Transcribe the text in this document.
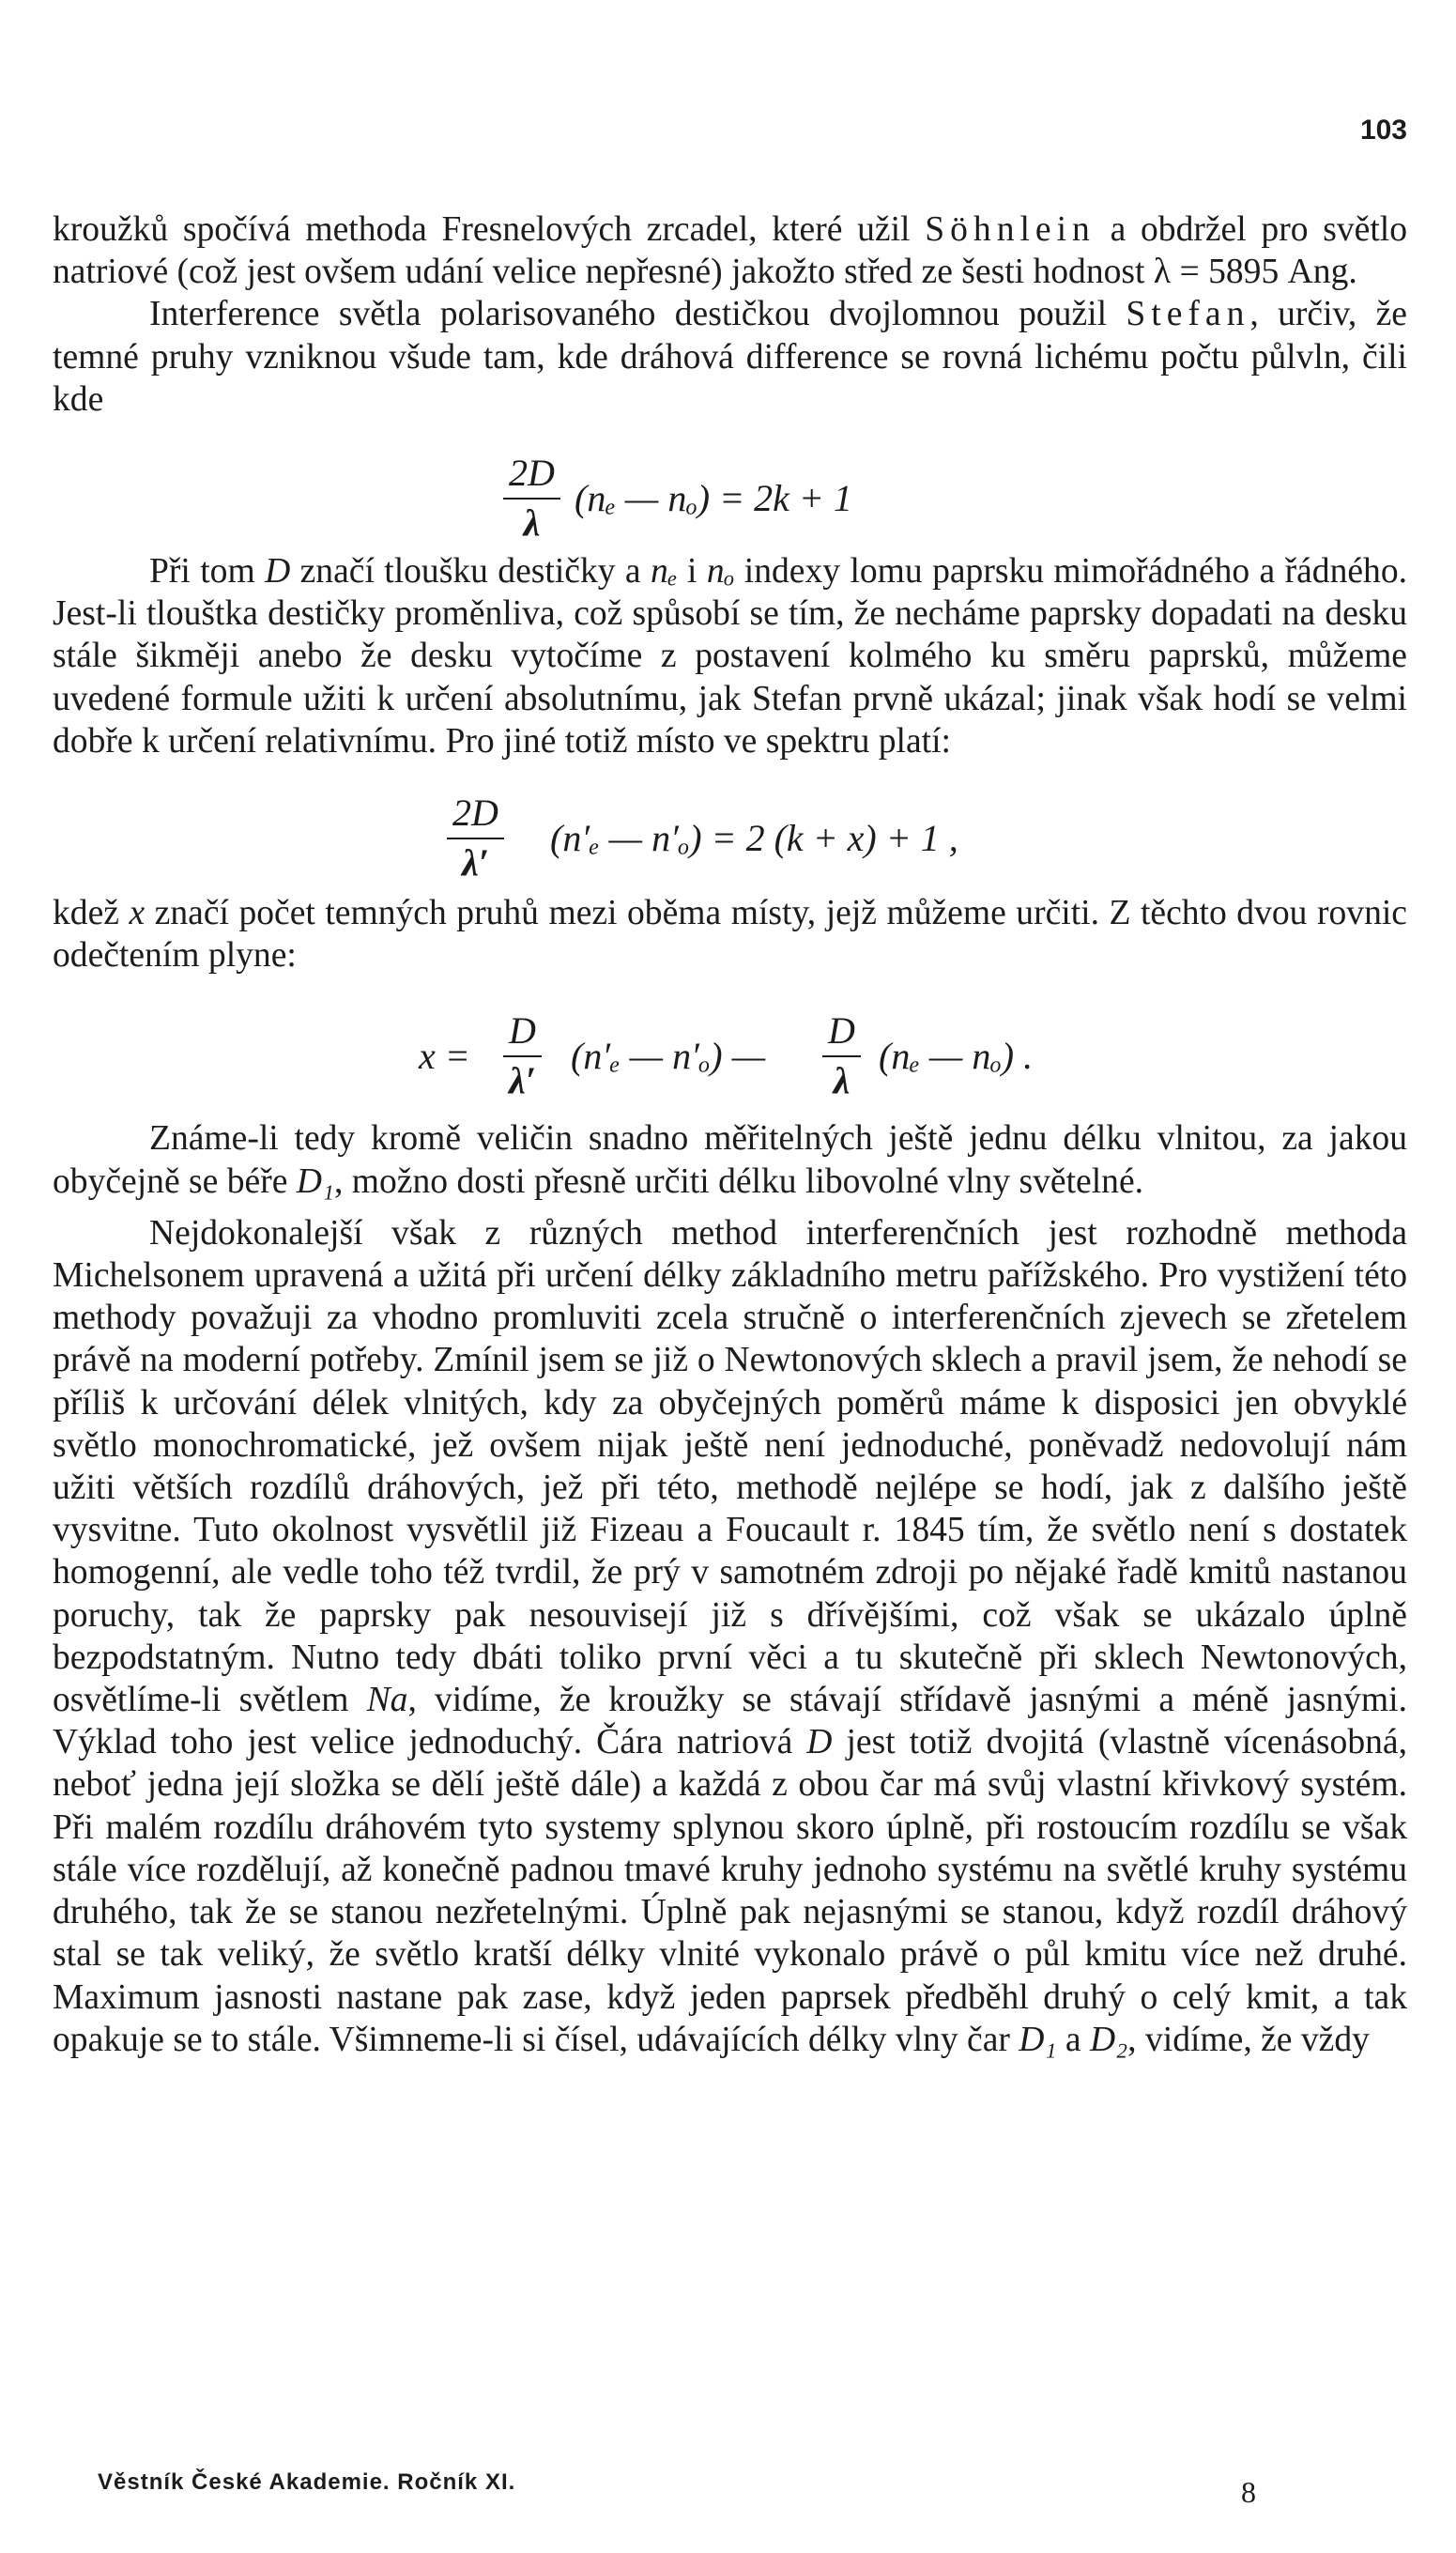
103

kroužků spočívá methoda Fresnelových zrcadel, které užil Söhnlein a obdržel pro světlo natriové (což jest ovšem udání velice nepřesné) jakožto střed ze šesti hodnost λ = 5895 Ang.

Interference světla polarisovaného destičkou dvojlomnou použil Stefan, určiv, že temné pruhy vzniknou všude tam, kde dráhová difference se rovná lichému počtu půlvln, čili kde

$\frac{2D}{\lambda} (n_e$ — nₒ) = 2k + 1

Při tom D značí tloušku destičky a nₑ i nₒ indexy lomu paprsku mimořádného a řádného. Jest-li tlouštka destičky proměnliva, což spůsobí se tím, že necháme paprsky dopadati na desku stále šikměji anebo že desku vytočíme z postavení kolmého ku směru paprsků, můžeme uvedené formule užiti k určení absolutnímu, jak Stefan prvně ukázal; jinak však hodí se velmi dobře k určení relativnímu. Pro jiné totiž místo ve spektru platí:

$\frac{2D}{\lambda'} (n'_e$ — n′ₒ) = 2 (k + x) + 1 ,

kdež x značí počet temných pruhů mezi oběma místy, jejž můžeme určiti. Z těchto dvou rovnic odečtením plyne:

$x = \frac{D}{\lambda'} (n'_e$ — n′ₒ) — $\frac{D}{\lambda} (n_e$ — nₒ) .

Známe-li tedy kromě veličin snadno měřitelných ještě jednu délku vlnitou, za jakou obyčejně se béře D₁, možno dosti přesně určiti délku libovolné vlny světelné.

Nejdokonalejší však z různých method interferenčních jest rozhodně methoda Michelsonem upravená a užitá při určení délky základního metru pařížského. Pro vystižení této methody považuji za vhodno promluviti zcela stručně o interferenčních zjevech se zřetelem právě na moderní potřeby. Zmínil jsem se již o Newtonových sklech a pravil jsem, že nehodí se příliš k určování délek vlnitých, kdy za obyčejných poměrů máme k disposici jen obvyklé světlo monochromatické, jež ovšem nijak ještě není jednoduché, poněvadž nedovolují nám užiti větších rozdílů dráhových, jež při této, methodě nejlépe se hodí, jak z dalšího ještě vysvitne. Tuto okolnost vysvětlil již Fizeau a Foucault r. 1845 tím, že světlo není s dostatek homogenní, ale vedle toho též tvrdil, že prý v samotném zdroji po nějaké řadě kmitů nastanou poruchy, tak že paprsky pak nesouvisejí již s dřívějšími, což však se ukázalo úplně bezpodstatným. Nutno tedy dbáti toliko první věci a tu skutečně při sklech Newtonových, osvětlíme-li světlem Na, vidíme, že kroužky se stávají střídavě jasnými a méně jasnými. Výklad toho jest velice jednoduchý. Čára natriová D jest totiž dvojitá (vlastně vícenásobná, neboť jedna její složka se dělí ještě dále) a každá z obou čar má svůj vlastní křivkový systém. Při malém rozdílu dráhovém tyto systemy splynou skoro úplně, při rostoucím rozdílu se však stále více rozdělují, až konečně padnou tmavé kruhy jednoho systému na světlé kruhy systému druhého, tak že se stanou nezřetelnými. Úplně pak nejasnými se stanou, když rozdíl dráhový stal se tak veliký, že světlo kratší délky vlnité vykonalo právě o půl kmitu více než druhé. Maximum jasnosti nastane pak zase, když jeden paprsek předběhl druhý o celý kmit, a tak opakuje se to stále. Všimneme-li si čísel, udávajících délky vlny čar D₁ a D₂, vidíme, že vždy

Věstník České Akademie. Ročník XI.	8
